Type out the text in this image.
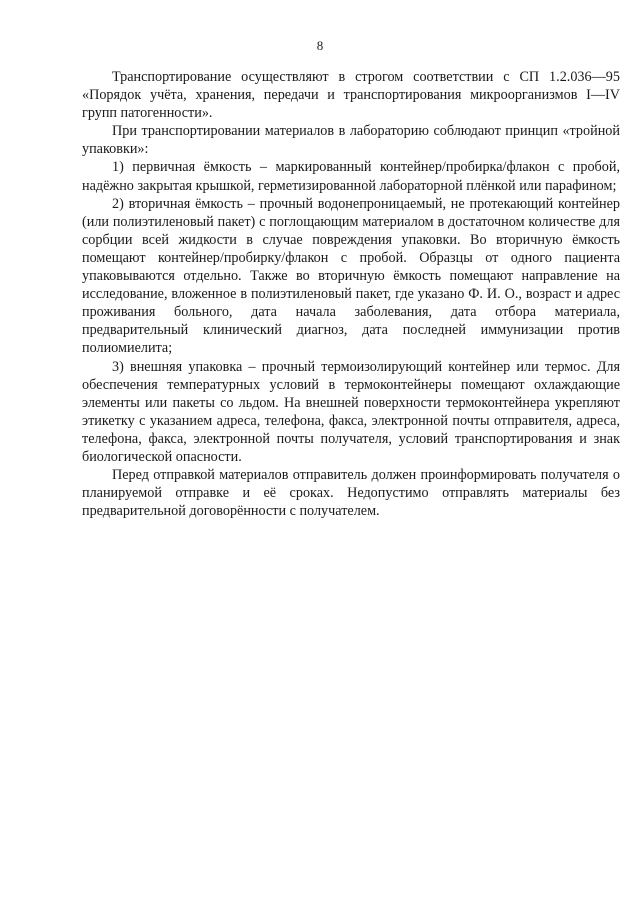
8

Транспортирование осуществляют в строгом соответствии с СП 1.2.036—95 «Порядок учёта, хранения, передачи и транспортирования микроорганизмов I—IV групп патогенности».

При транспортировании материалов в лабораторию соблюдают принцип «тройной упаковки»:

1) первичная ёмкость – маркированный контейнер/пробирка/флакон с пробой, надёжно закрытая крышкой, герметизированной лабораторной плёнкой или парафином;

2) вторичная ёмкость – прочный водонепроницаемый, не протекающий контейнер (или полиэтиленовый пакет) с поглощающим материалом в достаточном количестве для сорбции всей жидкости в случае повреждения упаковки. Во вторичную ёмкость помещают контейнер/пробирку/флакон с пробой. Образцы от одного пациента упаковываются отдельно. Также во вторичную ёмкость помещают направление на исследование, вложенное в полиэтиленовый пакет, где указано Ф. И. О., возраст и адрес проживания больного, дата начала заболевания, дата отбора материала, предварительный клинический диагноз, дата последней иммунизации против полиомиелита;

3) внешняя упаковка – прочный термоизолирующий контейнер или термос. Для обеспечения температурных условий в термоконтейнеры помещают охлаждающие элементы или пакеты со льдом. На внешней поверхности термоконтейнера укрепляют этикетку с указанием адреса, телефона, факса, электронной почты отправителя, адреса, телефона, факса, электронной почты получателя, условий транспортирования и знак биологической опасности.

Перед отправкой материалов отправитель должен проинформировать получателя о планируемой отправке и её сроках. Недопустимо отправлять материалы без предварительной договорённости с получателем.
